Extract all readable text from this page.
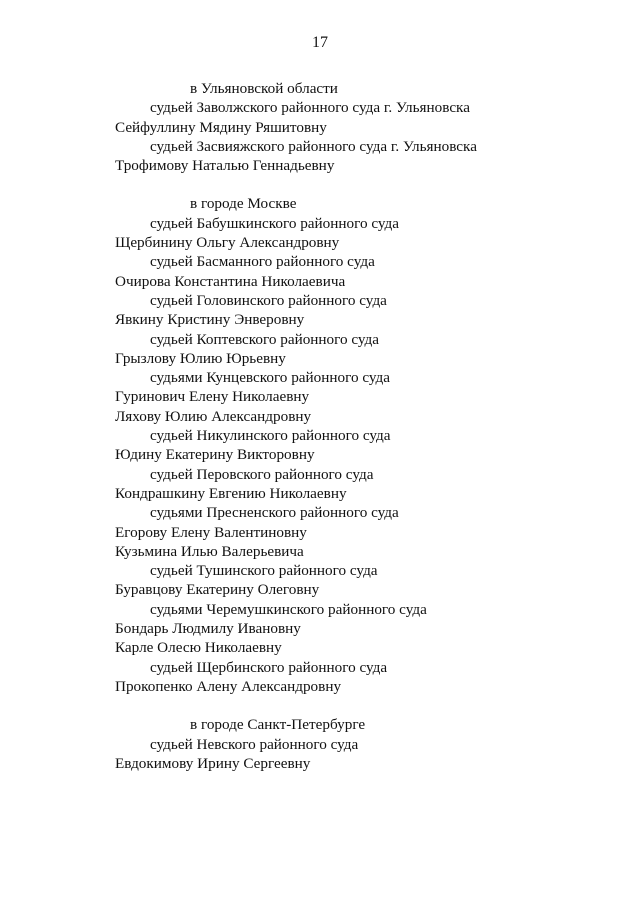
17
в Ульяновской области
судьей Заволжского районного суда г. Ульяновска
Сейфуллину Мядину Ряшитовну
судьей Засвияжского районного суда г. Ульяновска
Трофимову Наталью Геннадьевну
в городе Москве
судьей Бабушкинского районного суда
Щербинину Ольгу Александровну
судьей Басманного районного суда
Очирова Константина Николаевича
судьей Головинского районного суда
Явкину Кристину Энверовну
судьей Коптевского районного суда
Грызлову Юлию Юрьевну
судьями Кунцевского районного суда
Гуринович Елену Николаевну
Ляхову Юлию Александровну
судьей Никулинского районного суда
Юдину Екатерину Викторовну
судьей Перовского районного суда
Кондрашкину Евгению Николаевну
судьями Пресненского районного суда
Егорову Елену Валентиновну
Кузьмина Илью Валерьевича
судьей Тушинского районного суда
Буравцову Екатерину Олеговну
судьями Черемушкинского районного суда
Бондарь Людмилу Ивановну
Карле Олесю Николаевну
судьей Щербинского районного суда
Прокопенко Алену Александровну
в городе Санкт-Петербурге
судьей Невского районного суда
Евдокимову Ирину Сергеевну
